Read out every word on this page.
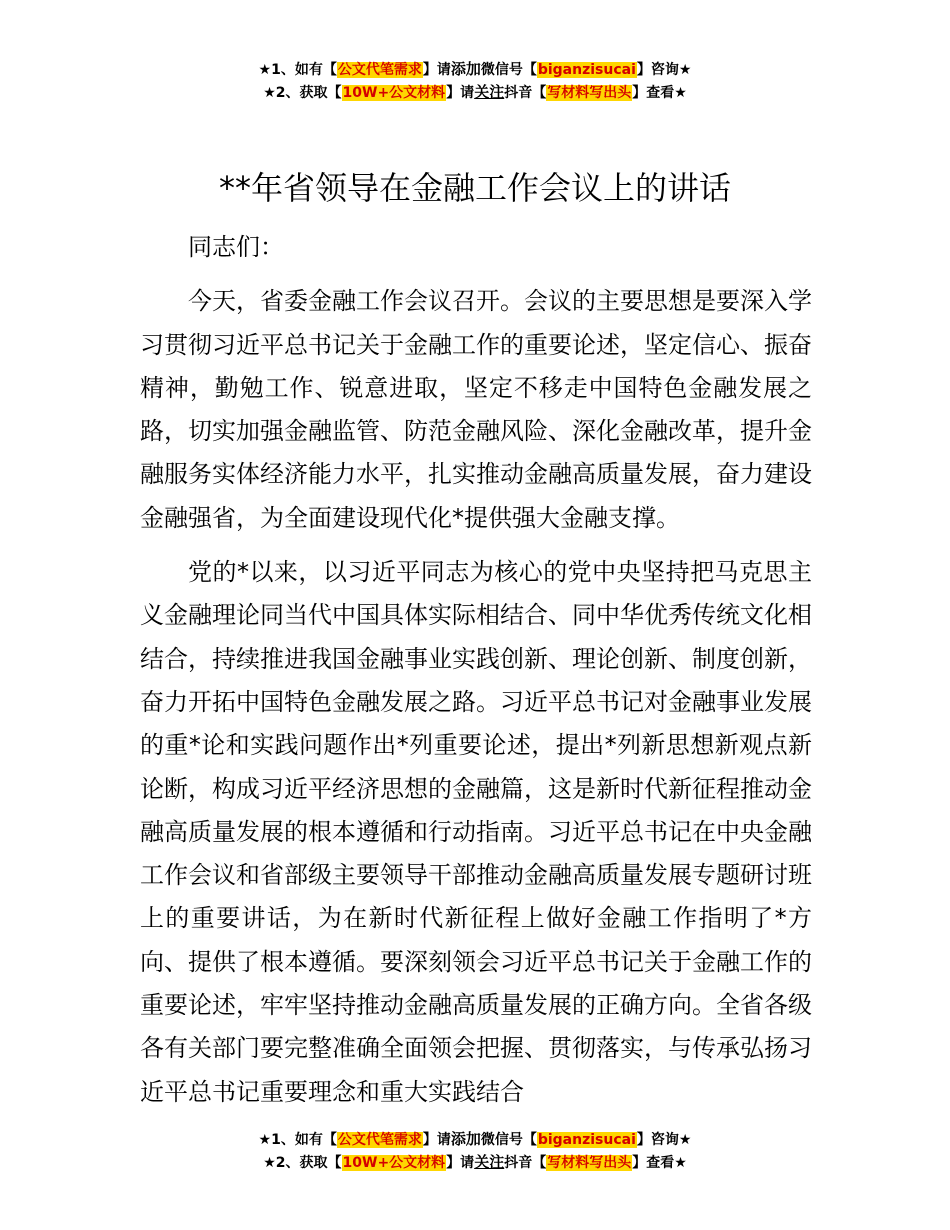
★1、如有【公文代笔需求】请添加微信号【biganzisucai】咨询★
★2、获取【10W+公文材料】请关注抖音【写材料写出头】查看★
**年省领导在金融工作会议上的讲话

同志们：

今天，省委金融工作会议召开。会议的主要思想是要深入学习贯彻习近平总书记关于金融工作的重要论述，坚定信心、振奋精神，勤勉工作、锐意进取，坚定不移走中国特色金融发展之路，切实加强金融监管、防范金融风险、深化金融改革，提升金融服务实体经济能力水平，扎实推动金融高质量发展，奋力建设金融强省，为全面建设现代化*提供强大金融支撑。

党的*以来，以习近平同志为核心的党中央坚持把马克思主义金融理论同当代中国具体实际相结合、同中华优秀传统文化相结合，持续推进我国金融事业实践创新、理论创新、制度创新，奋力开拓中国特色金融发展之路。习近平总书记对金融事业发展的重*论和实践问题作出*列重要论述，提出*列新思想新观点新论断，构成习近平经济思想的金融篇，这是新时代新征程推动金融高质量发展的根本遵循和行动指南。习近平总书记在中央金融工作会议和省部级主要领导干部推动金融高质量发展专题研讨班上的重要讲话，为在新时代新征程上做好金融工作指明了*方向、提供了根本遵循。要深刻领会习近平总书记关于金融工作的重要论述，牢牢坚持推动金融高质量发展的正确方向。全省各级各有关部门要完整准确全面领会把握、贯彻落实，与传承弘扬习近平总书记重要理念和重大实践结合

★1、如有【公文代笔需求】请添加微信号【biganzisucai】咨询★
★2、获取【10W+公文材料】请关注抖音【写材料写出头】查看★
